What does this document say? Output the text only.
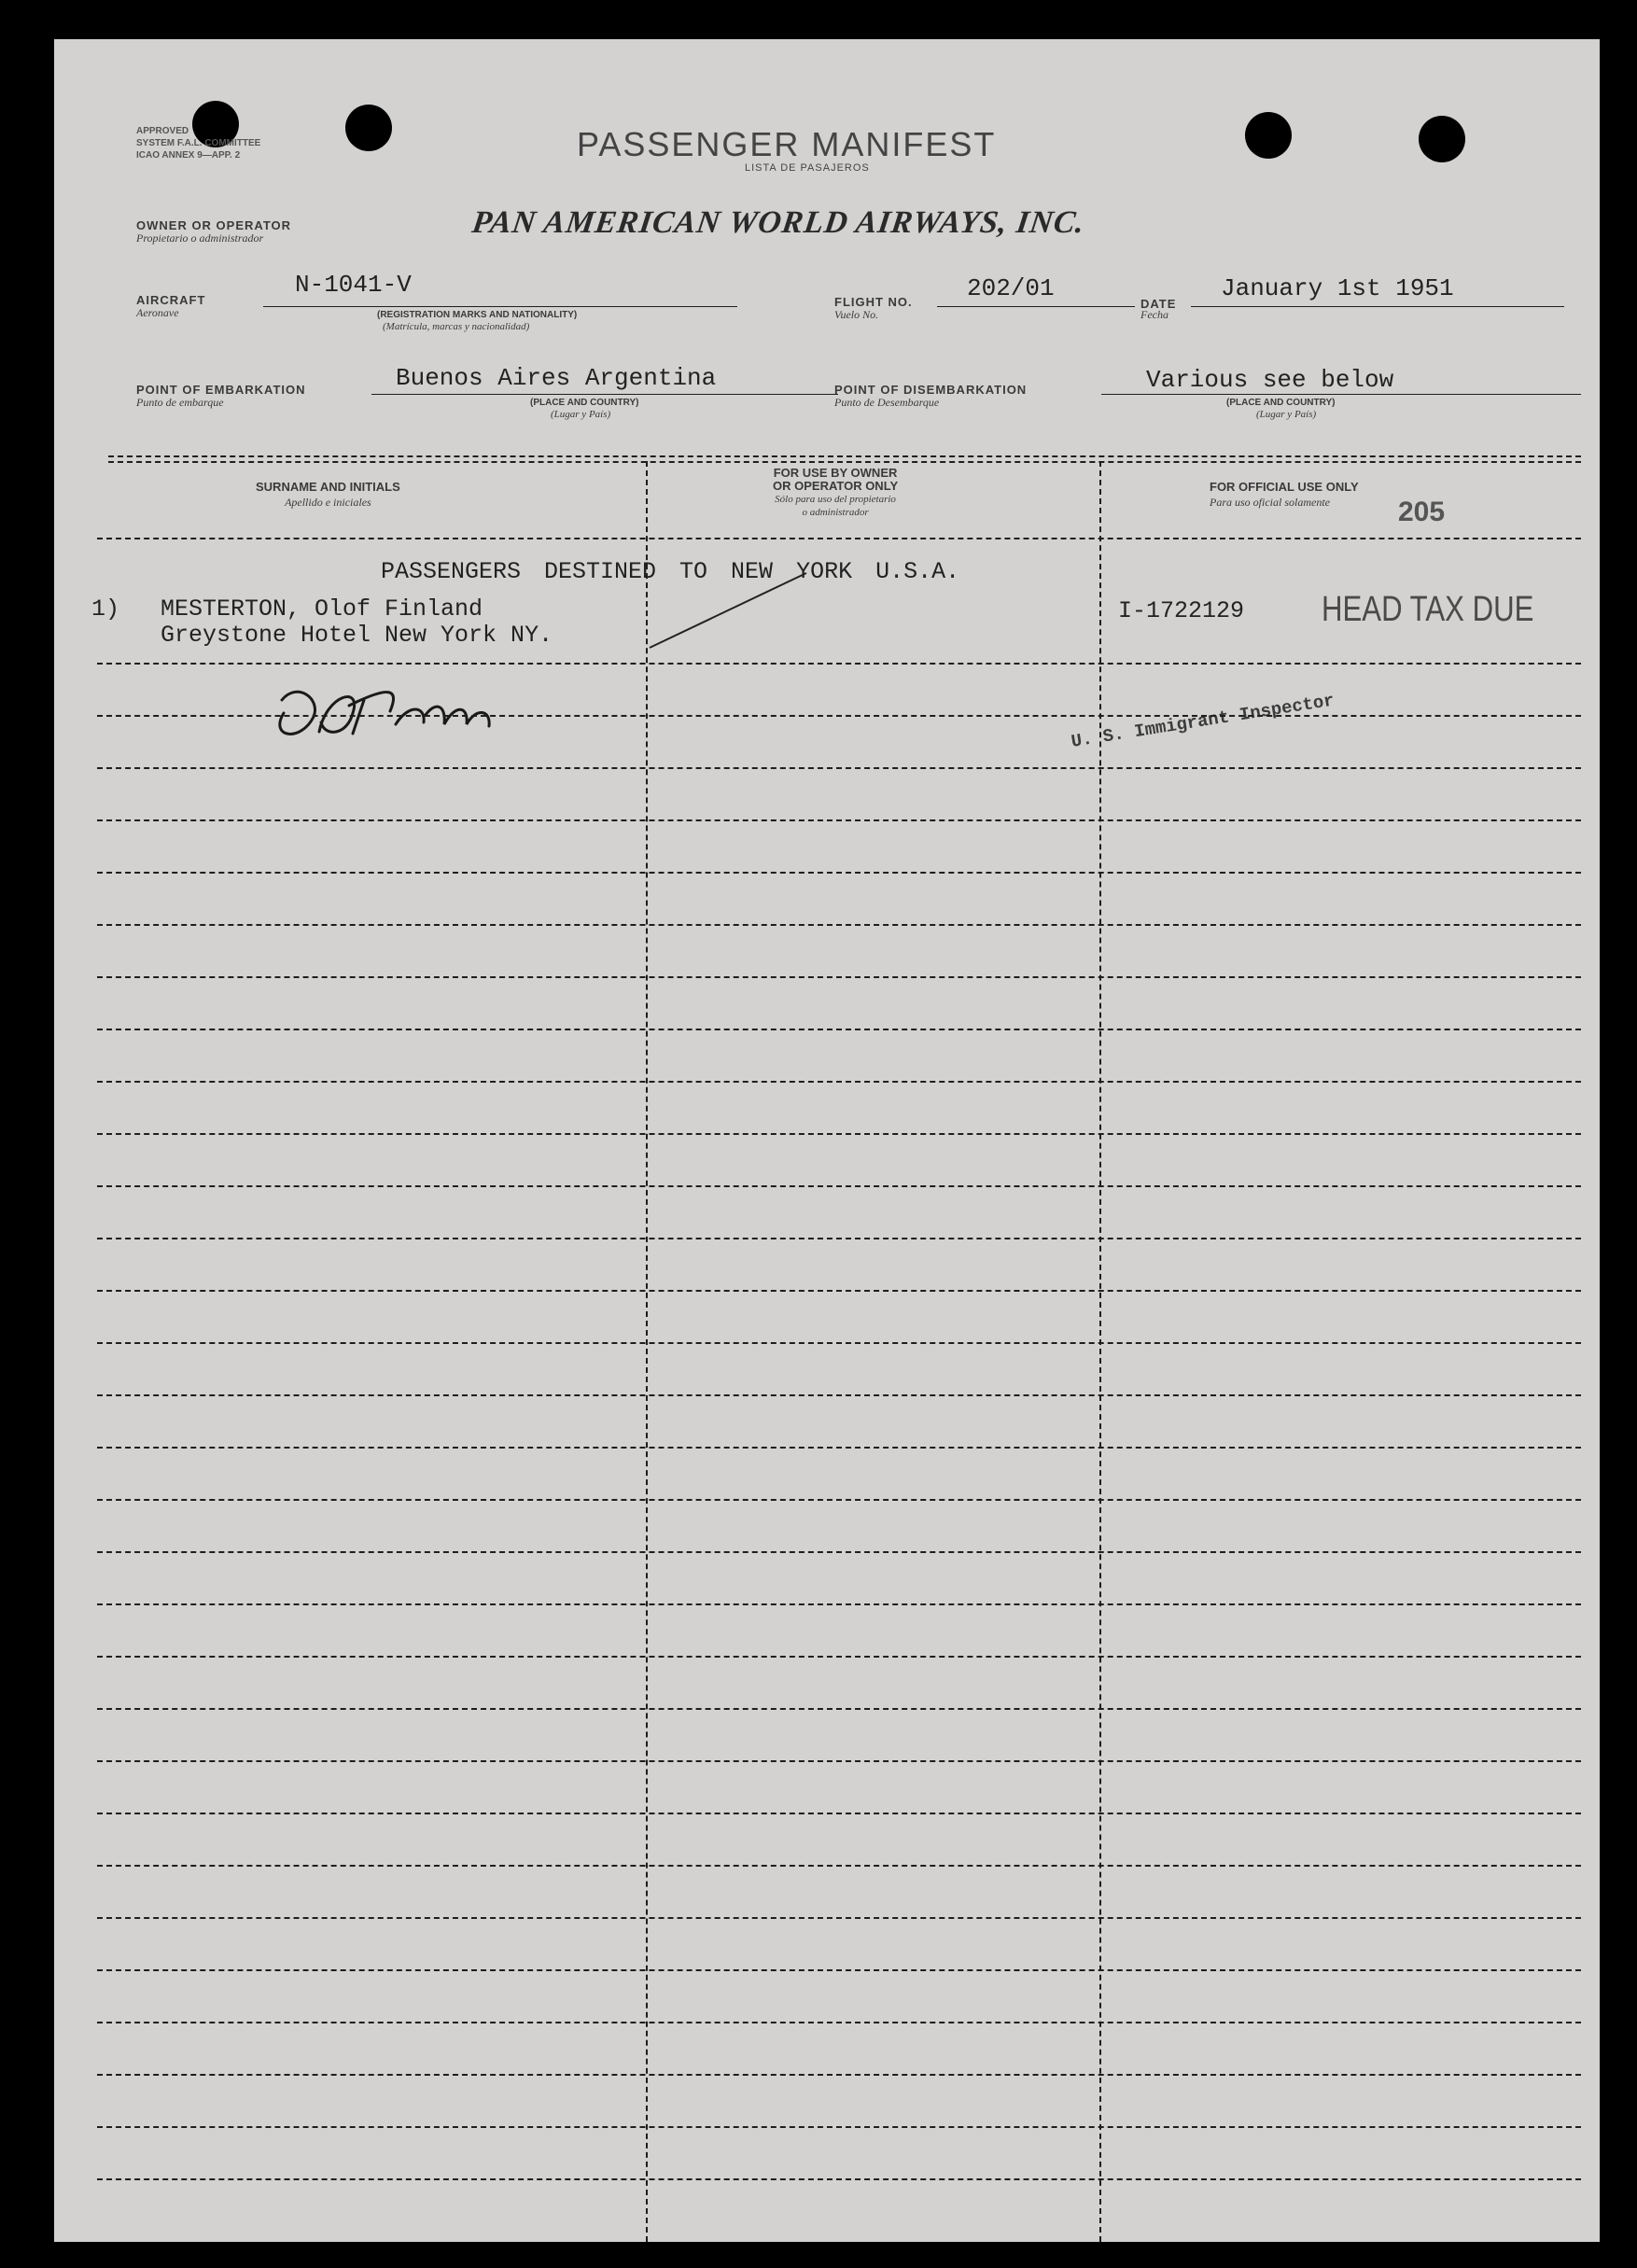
APPROVED
SYSTEM F.A.L. COMMITTEE
ICAO ANNEX 9—APP. 2	PASSENGER MANIFEST
LISTA DE PASAJEROS
OWNER OR OPERATOR
Propietario o administrador	PAN AMERICAN WORLD AIRWAYS, INC.
AIRCRAFT
Aeronave
N-1041-V
(REGISTRATION MARKS AND NATIONALITY)
(Matrícula, marcas y nacionalidad)
FLIGHT NO.
Vuelo No.
202/01
DATE
Fecha
January 1st 1951
POINT OF EMBARKATION
Punto de embarque
Buenos Aires Argentina
(PLACE AND COUNTRY)
(Lugar y País)
POINT OF DISEMBARKATION
Punto de Desembarque
Various see below
(PLACE AND COUNTRY)
(Lugar y País)
SURNAME AND INITIALS
Apellido e iniciales
FOR USE BY OWNER
OR OPERATOR ONLY
Sólo para uso del propietario
o administrador
FOR OFFICIAL USE ONLY
Para uso oficial solamente	205
PASSENGERS DESTINED TO NEW YORK U.S.A.
1) MESTERTON, Olof Finland
Greystone Hotel New York NY.
I-1722129 HEAD TAX DUE
U. S. Immigrant Inspector
